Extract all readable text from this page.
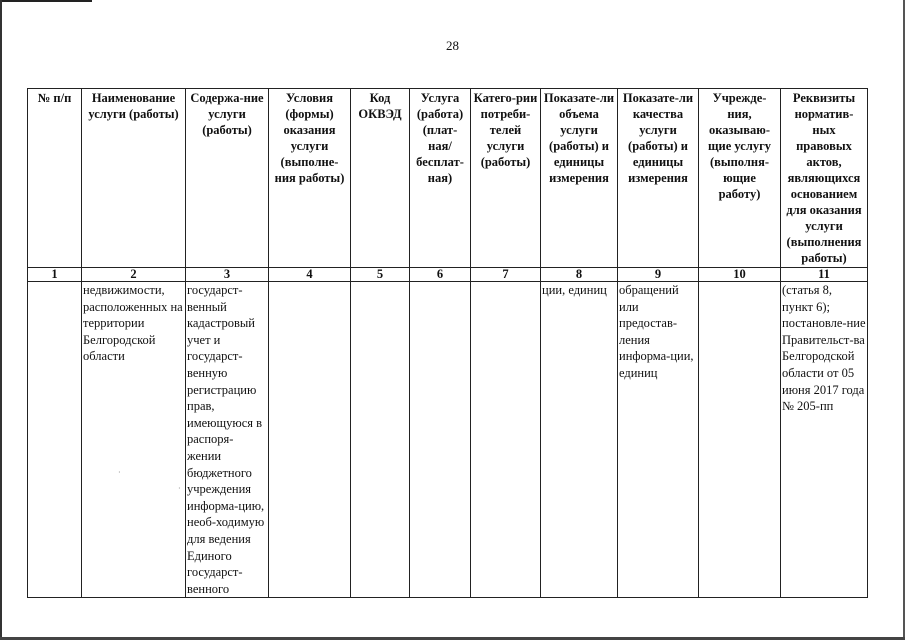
28
№ п/п	Наименование услуги (работы)	Содержа-ние услуги (работы)	Условия (формы) оказания услуги (выполне-ния работы)	Код ОКВЭД	Услуга (работа) (плат-ная/ бесплат-ная)	Катего-рии потреби-телей услуги (работы)	Показате-ли объема услуги (работы) и единицы измерения	Показате-ли качества услуги (работы) и единицы измерения	Учрежде-ния, оказываю-щие услугу (выполня-ющие работу)	Реквизиты норматив-ных правовых актов, являющихся основанием для оказания услуги (выполнения работы)
1	2	3	4	5	6	7	8	9	10	11
	недвижимости, расположенных на территории Белгородской области	государст-венный кадастровый учет и государст-венную регистрацию прав, имеющуюся в распоря-жении бюджетного учреждения информа-цию, необ-ходимую для ведения Единого государст-венного					ции, единиц	обращений или предостав-ления информа-ции, единиц		(статья 8, пункт 6); постановле-ние Правительст-ва Белгородской области от 05 июня 2017 года № 205-пп
·
·
